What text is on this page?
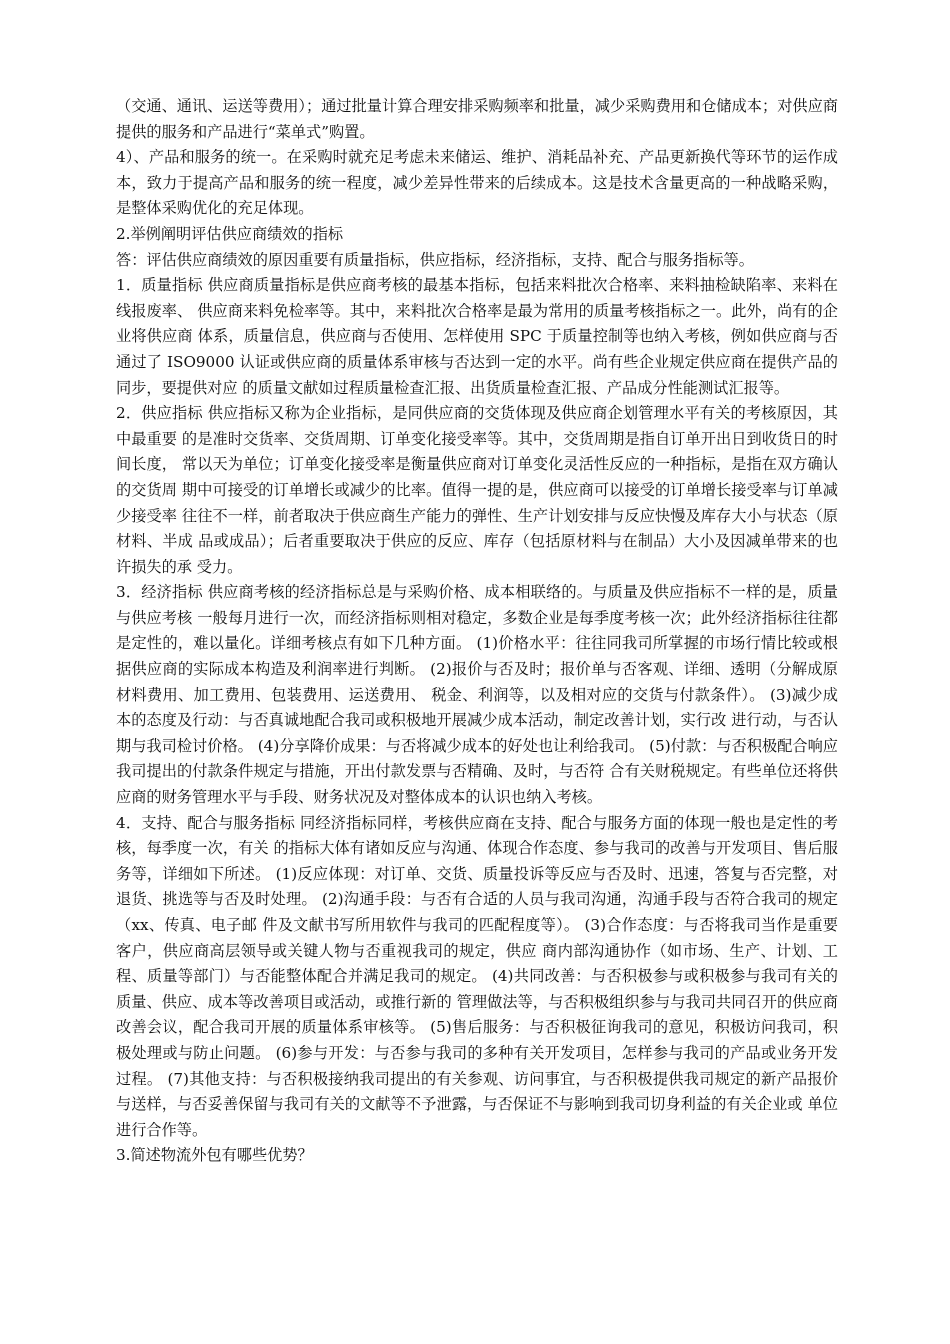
（交通、通讯、运送等费用）；通过批量计算合理安排采购频率和批量，减少采购费用和仓储成本；对供应商提供的服务和产品进行“菜单式”购置。

4）、产品和服务的统一。在采购时就充足考虑未来储运、维护、消耗品补充、产品更新换代等环节的运作成本，致力于提高产品和服务的统一程度，减少差异性带来的后续成本。这是技术含量更高的一种战略采购，是整体采购优化的充足体现。

2.举例阐明评估供应商绩效的指标

答：评估供应商绩效的原因重要有质量指标，供应指标，经济指标，支持、配合与服务指标等。

1．质量指标 供应商质量指标是供应商考核的最基本指标，包括来料批次合格率、来料抽检缺陷率、来料在线报废率、 供应商来料免检率等。其中，来料批次合格率是最为常用的质量考核指标之一。此外，尚有的企业将供应商 体系，质量信息，供应商与否使用、怎样使用 SPC 于质量控制等也纳入考核，例如供应商与否通过了 ISO9000 认证或供应商的质量体系审核与否达到一定的水平。尚有些企业规定供应商在提供产品的同步，要提供对应 的质量文献如过程质量检查汇报、出货质量检查汇报、产品成分性能测试汇报等。

2．供应指标 供应指标又称为企业指标，是同供应商的交货体现及供应商企划管理水平有关的考核原因，其中最重要 的是准时交货率、交货周期、订单变化接受率等。其中，交货周期是指自订单开出日到收货日的时间长度， 常以天为单位；订单变化接受率是衡量供应商对订单变化灵活性反应的一种指标，是指在双方确认的交货周 期中可接受的订单增长或减少的比率。值得一提的是，供应商可以接受的订单增长接受率与订单减少接受率 往往不一样，前者取决于供应商生产能力的弹性、生产计划安排与反应快慢及库存大小与状态（原材料、半成 品或成品）；后者重要取决于供应的反应、库存（包括原材料与在制品）大小及因减单带来的也许损失的承 受力。

3．经济指标 供应商考核的经济指标总是与采购价格、成本相联络的。与质量及供应指标不一样的是，质量与供应考核 一般每月进行一次，而经济指标则相对稳定，多数企业是每季度考核一次；此外经济指标往往都是定性的，难以量化。详细考核点有如下几种方面。 (1)价格水平：往往同我司所掌握的市场行情比较或根据供应商的实际成本构造及利润率进行判断。 (2)报价与否及时；报价单与否客观、详细、透明（分解成原材料费用、加工费用、包装费用、运送费用、 税金、利润等，以及相对应的交货与付款条件）。 (3)减少成本的态度及行动：与否真诚地配合我司或积极地开展减少成本活动，制定改善计划，实行改 进行动，与否认期与我司检讨价格。 (4)分享降价成果：与否将减少成本的好处也让利给我司。 (5)付款：与否积极配合响应我司提出的付款条件规定与措施，开出付款发票与否精确、及时，与否符 合有关财税规定。有些单位还将供应商的财务管理水平与手段、财务状况及对整体成本的认识也纳入考核。

4．支持、配合与服务指标 同经济指标同样，考核供应商在支持、配合与服务方面的体现一般也是定性的考核，每季度一次，有关 的指标大体有诸如反应与沟通、体现合作态度、参与我司的改善与开发项目、售后服务等，详细如下所述。 (1)反应体现：对订单、交货、质量投诉等反应与否及时、迅速，答复与否完整，对退货、挑选等与否及时处理。 (2)沟通手段：与否有合适的人员与我司沟通，沟通手段与否符合我司的规定（xx、传真、电子邮 件及文献书写所用软件与我司的匹配程度等）。 (3)合作态度：与否将我司当作是重要客户，供应商高层领导或关键人物与否重视我司的规定，供应 商内部沟通协作（如市场、生产、计划、工程、质量等部门）与否能整体配合并满足我司的规定。 (4)共同改善：与否积极参与或积极参与我司有关的质量、供应、成本等改善项目或活动，或推行新的 管理做法等，与否积极组织参与与我司共同召开的供应商改善会议，配合我司开展的质量体系审核等。 (5)售后服务：与否积极征询我司的意见，积极访问我司，积极处理或与防止问题。 (6)参与开发：与否参与我司的多种有关开发项目，怎样参与我司的产品或业务开发过程。 (7)其他支持：与否积极接纳我司提出的有关参观、访问事宜，与否积极提供我司规定的新产品报价 与送样，与否妥善保留与我司有关的文献等不予泄露，与否保证不与影响到我司切身利益的有关企业或 单位进行合作等。

3.简述物流外包有哪些优势？
